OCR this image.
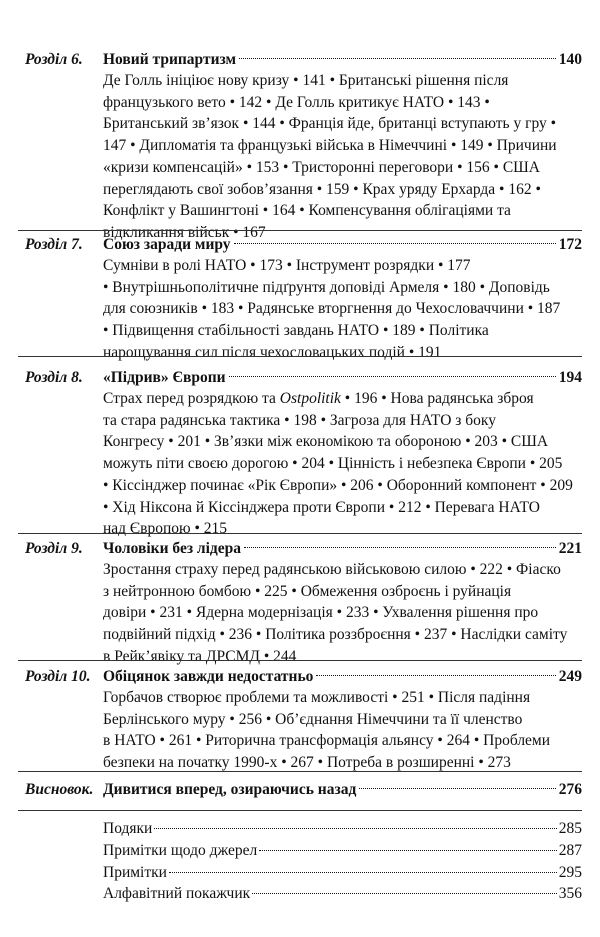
Розділ 6. Новий трипартизм	140

Де Голль ініціює нову кризу • 141 • Британські рішення після

французького вето • 142 • Де Голль критикує НАТО • 143 •

Британський зв’язок • 144 • Франція йде, британці вступають у гру •

147 • Дипломатія та французькі війська в Німеччині • 149 • Причини

«кризи компенсацій» • 153 • Тристоронні переговори • 156 • США

переглядають свої зобов’язання • 159 • Крах уряду Ерхарда • 162 •

Конфлікт у Вашингтоні • 164 • Компенсування облігаціями та

відкликання військ • 167

Розділ 7. Союз заради миру	172

Сумніви в ролі НАТО • 173 • Інструмент розрядки • 177

• Внутрішньополітичне підґрунтя доповіді Армеля • 180 • Доповідь

для союзників • 183 • Радянське вторгнення до Чехословаччини • 187

• Підвищення стабільності завдань НАТО • 189 • Політика

нарощування сил після чехословацьких подій • 191

Розділ 8. «Підрив» Європи	194

Страх перед розрядкою та Ostpolitik • 196 • Нова радянська зброя

та стара радянська тактика • 198 • Загроза для НАТО з боку

Конгресу • 201 • Зв’язки між економікою та обороною • 203 • США

можуть піти своєю дорогою • 204 • Цінність і небезпека Європи • 205

• Кіссінджер починає «Рік Європи» • 206 • Оборонний компонент • 209

• Хід Ніксона й Кіссінджера проти Європи • 212 • Перевага НАТО

над Європою • 215

Розділ 9. Чоловіки без лідера	221

Зростання страху перед радянською військовою силою • 222 • Фіаско

з нейтронною бомбою • 225 • Обмеження озброєнь і руйнація

довіри • 231 • Ядерна модернізація • 233 • Ухвалення рішення про

подвійний підхід • 236 • Політика роззброєння • 237 • Наслідки саміту

в Рейк’явіку та ДРСМД • 244

Розділ 10. Обіцянок завжди недостатньо	249

Горбачов створює проблеми та можливості • 251 • Після падіння

Берлінського муру • 256 • Об’єднання Німеччини та її членство

в НАТО • 261 • Риторична трансформація альянсу • 264 • Проблеми

безпеки на початку 1990-х • 267 • Потреба в розширенні • 273

Висновок. Дивитися вперед, озираючись назад	276
Подяки	285
Примітки щодо джерел	287
Примітки	295
Алфавітний покажчик	356
